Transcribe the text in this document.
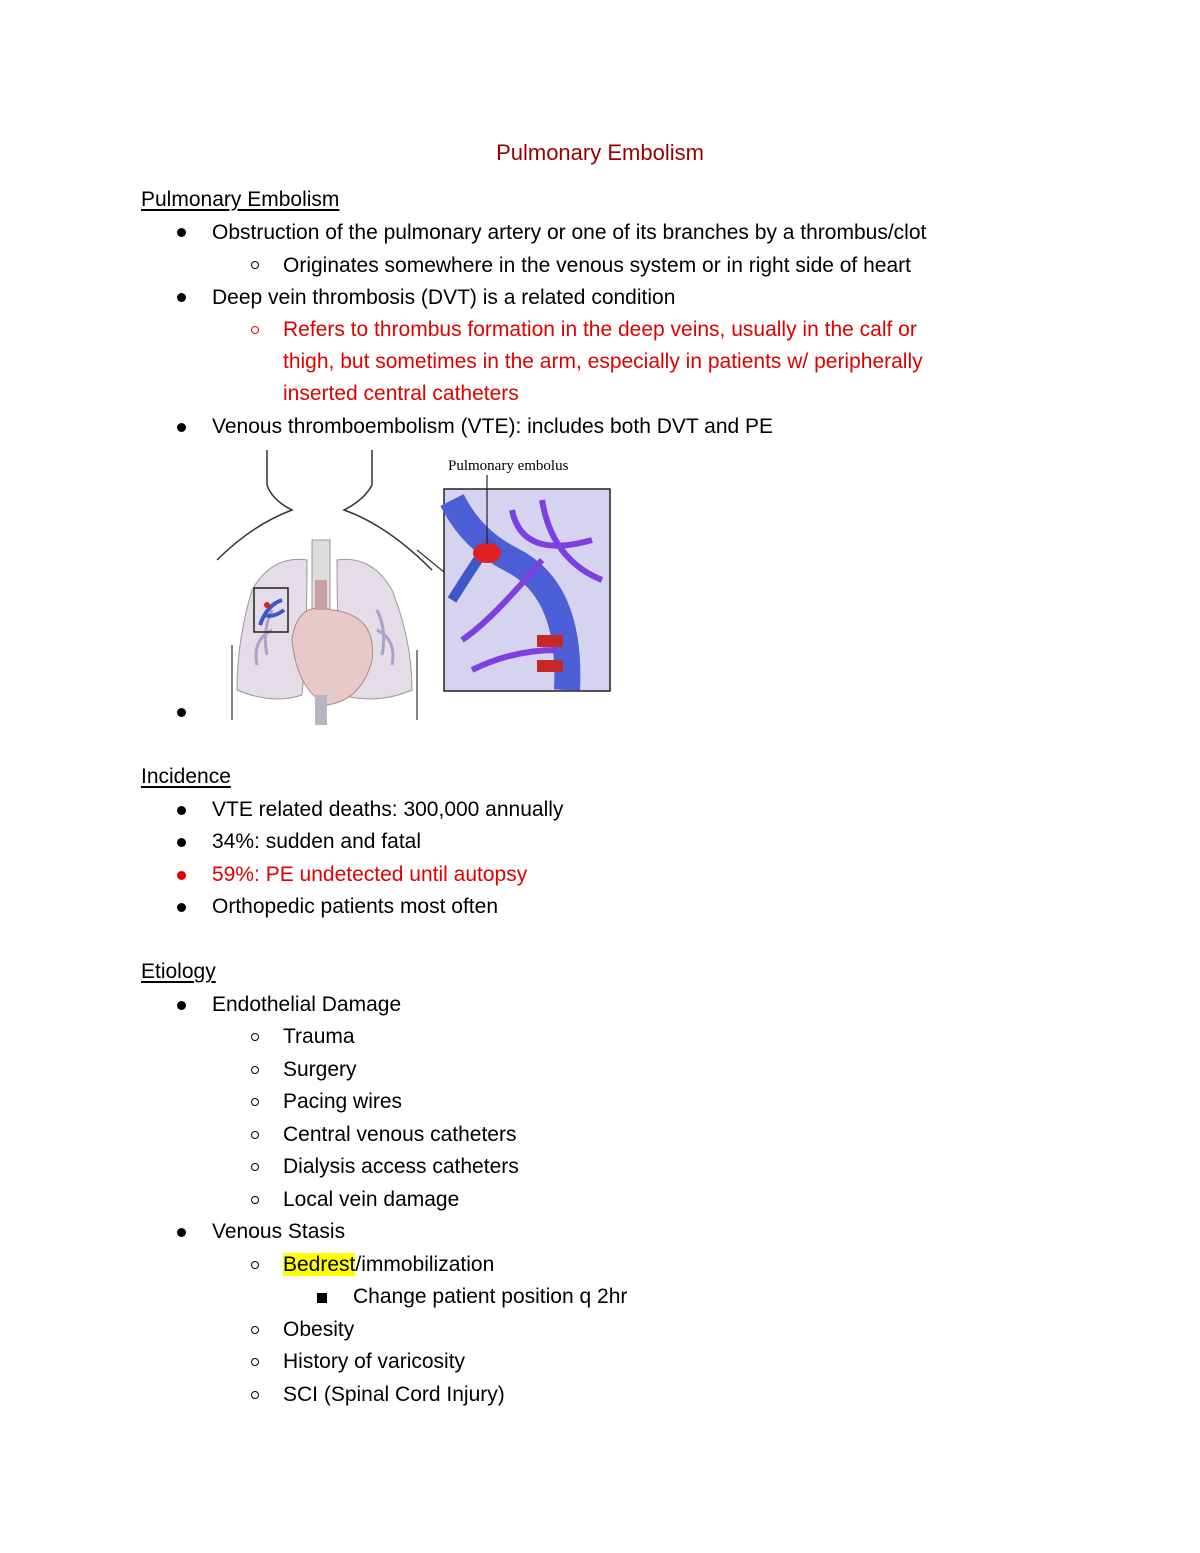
Pulmonary Embolism
Pulmonary Embolism
Obstruction of the pulmonary artery or one of its branches by a thrombus/clot
Originates somewhere in the venous system or in right side of heart
Deep vein thrombosis (DVT) is a related condition
Refers to thrombus formation in the deep veins, usually in the calf or
thigh, but sometimes in the arm, especially in patients w/ peripherally
inserted central catheters
Venous thromboembolism (VTE): includes both DVT and PE
Pulmonary embolus
Incidence
VTE related deaths: 300,000 annually
34%: sudden and fatal
59%: PE undetected until autopsy
Orthopedic patients most often
Etiology
Endothelial Damage
Trauma
Surgery
Pacing wires
Central venous catheters
Dialysis access catheters
Local vein damage
Venous Stasis
Bedrest/immobilization
Change patient position q 2hr
Obesity
History of varicosity
SCI (Spinal Cord Injury)
